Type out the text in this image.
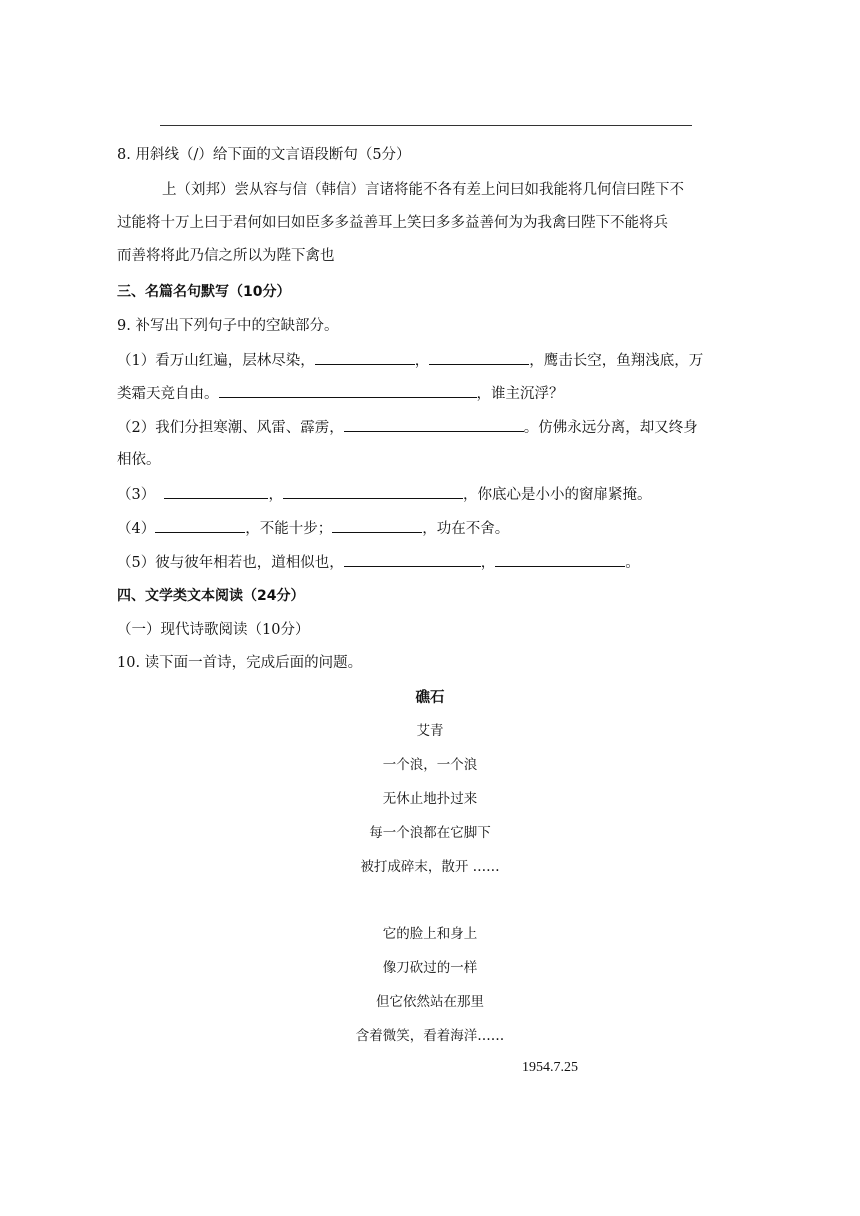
8. 用斜线（/）给下面的文言语段断句（5分）
上（刘邦）尝从容与信（韩信）言诸将能不各有差上问曰如我能将几何信曰陛下不
过能将十万上曰于君何如曰如臣多多益善耳上笑曰多多益善何为为我禽曰陛下不能将兵
而善将将此乃信之所以为陛下禽也
三、名篇名句默写（10分）
9. 补写出下列句子中的空缺部分。
（1）看万山红遍，层林尽染，	，	，鹰击长空，鱼翔浅底，万
类霜天竞自由。	，谁主沉浮？
（2）我们分担寒潮、风雷、霹雳，	。仿佛永远分离，却又终身
相依。
（3）	，	，你底心是小小的窗扉紧掩。
（4）	，不能十步；	，功在不舍。
（5）彼与彼年相若也，道相似也，	，	。
四、文学类文本阅读（24分）
（一）现代诗歌阅读（10分）
10. 读下面一首诗，完成后面的问题。
礁石
艾青
一个浪，一个浪
无休止地扑过来
每一个浪都在它脚下
被打成碎末，散开 ……
它的脸上和身上
像刀砍过的一样
但它依然站在那里
含着微笑，看着海洋……
1954.7.25
